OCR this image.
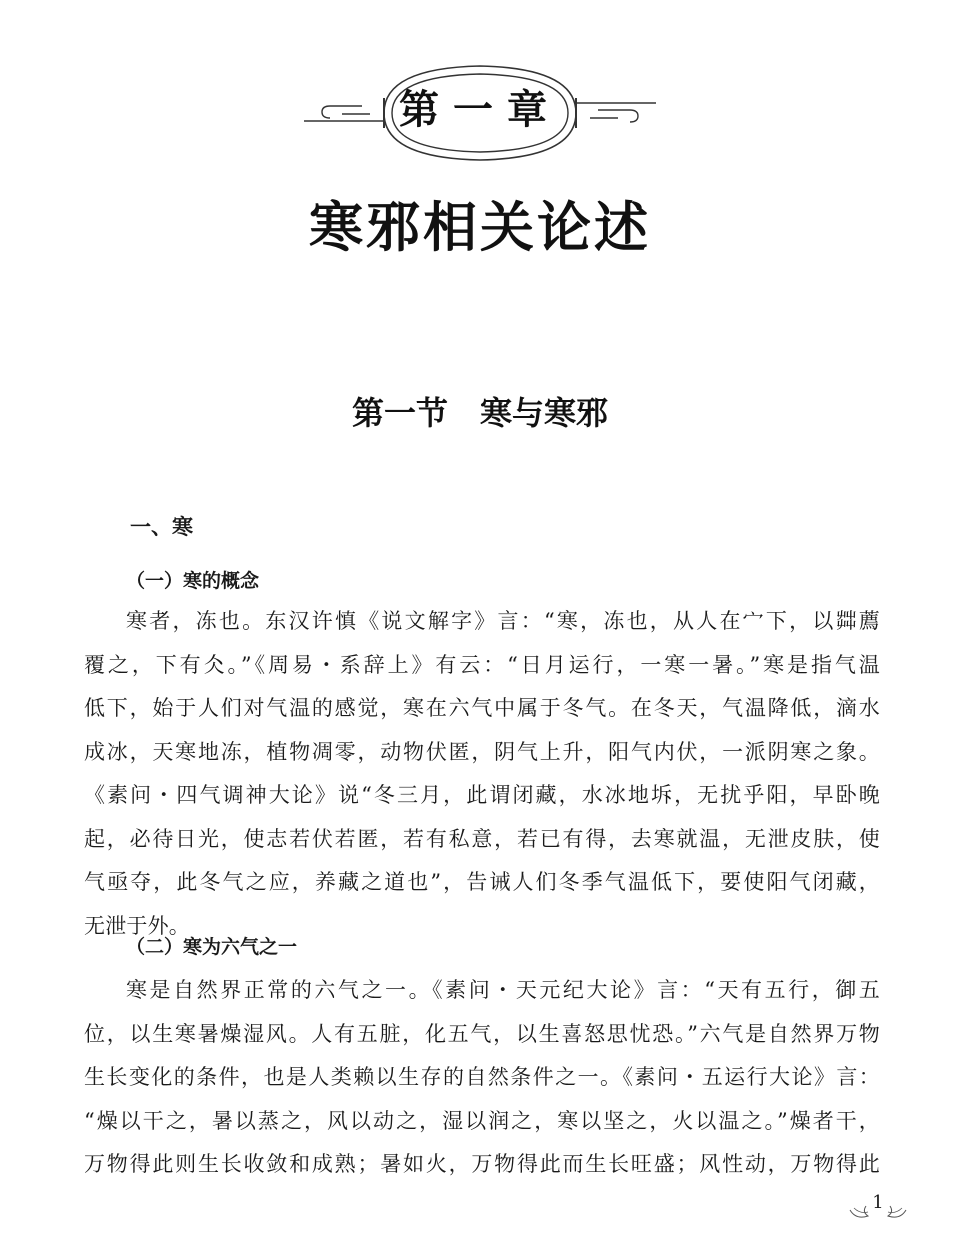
第一章
寒邪相关论述
第一节　寒与寒邪
一、寒
（一）寒的概念
寒者，冻也。东汉许慎《说文解字》言：“寒，冻也，从人在宀下，以茻薦
覆之，下有仌。”《周易・系辞上》有云：“日月运行，一寒一暑。”寒是指气温
低下，始于人们对气温的感觉，寒在六气中属于冬气。在冬天，气温降低，滴水
成冰，天寒地冻，植物凋零，动物伏匿，阴气上升，阳气内伏，一派阴寒之象。
《素问・四气调神大论》说“冬三月，此谓闭藏，水冰地坼，无扰乎阳，早卧晚
起，必待日光，使志若伏若匿，若有私意，若已有得，去寒就温，无泄皮肤，使
气亟夺，此冬气之应，养藏之道也”，告诫人们冬季气温低下，要使阳气闭藏，
无泄于外。
（二）寒为六气之一
寒是自然界正常的六气之一。《素问・天元纪大论》言：“天有五行，御五
位，以生寒暑燥湿风。人有五脏，化五气，以生喜怒思忧恐。”六气是自然界万物
生长变化的条件，也是人类赖以生存的自然条件之一。《素问・五运行大论》言：
“燥以干之，暑以蒸之，风以动之，湿以润之，寒以坚之，火以温之。”燥者干，
万物得此则生长收敛和成熟；暑如火，万物得此而生长旺盛；风性动，万物得此
1
